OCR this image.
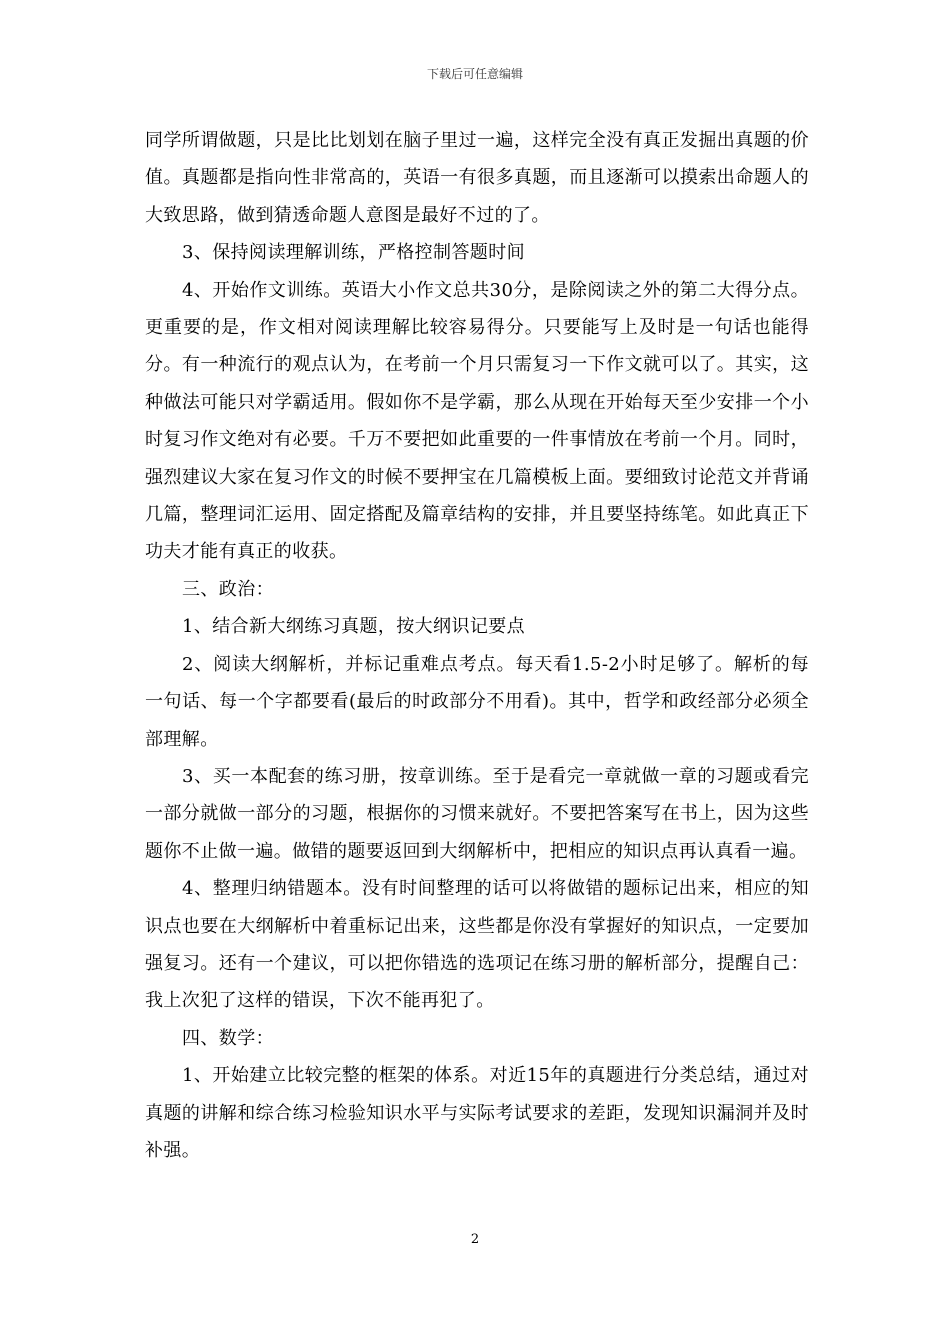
下载后可任意编辑

同学所谓做题，只是比比划划在脑子里过一遍，这样完全没有真正发掘出真题的价值。真题都是指向性非常高的，英语一有很多真题，而且逐渐可以摸索出命题人的大致思路，做到猜透命题人意图是最好不过的了。

3、保持阅读理解训练，严格控制答题时间

4、开始作文训练。英语大小作文总共30分，是除阅读之外的第二大得分点。更重要的是，作文相对阅读理解比较容易得分。只要能写上及时是一句话也能得分。有一种流行的观点认为，在考前一个月只需复习一下作文就可以了。其实，这种做法可能只对学霸适用。假如你不是学霸，那么从现在开始每天至少安排一个小时复习作文绝对有必要。千万不要把如此重要的一件事情放在考前一个月。同时，强烈建议大家在复习作文的时候不要押宝在几篇模板上面。要细致讨论范文并背诵几篇，整理词汇运用、固定搭配及篇章结构的安排，并且要坚持练笔。如此真正下功夫才能有真正的收获。

三、政治：

1、结合新大纲练习真题，按大纲识记要点

2、阅读大纲解析，并标记重难点考点。每天看1.5-2小时足够了。解析的每一句话、每一个字都要看(最后的时政部分不用看)。其中，哲学和政经部分必须全部理解。

3、买一本配套的练习册，按章训练。至于是看完一章就做一章的习题或看完一部分就做一部分的习题，根据你的习惯来就好。不要把答案写在书上，因为这些题你不止做一遍。做错的题要返回到大纲解析中，把相应的知识点再认真看一遍。

4、整理归纳错题本。没有时间整理的话可以将做错的题标记出来，相应的知识点也要在大纲解析中着重标记出来，这些都是你没有掌握好的知识点，一定要加强复习。还有一个建议，可以把你错选的选项记在练习册的解析部分，提醒自己：我上次犯了这样的错误，下次不能再犯了。

四、数学：

1、开始建立比较完整的框架的体系。对近15年的真题进行分类总结，通过对真题的讲解和综合练习检验知识水平与实际考试要求的差距，发现知识漏洞并及时补强。

2
